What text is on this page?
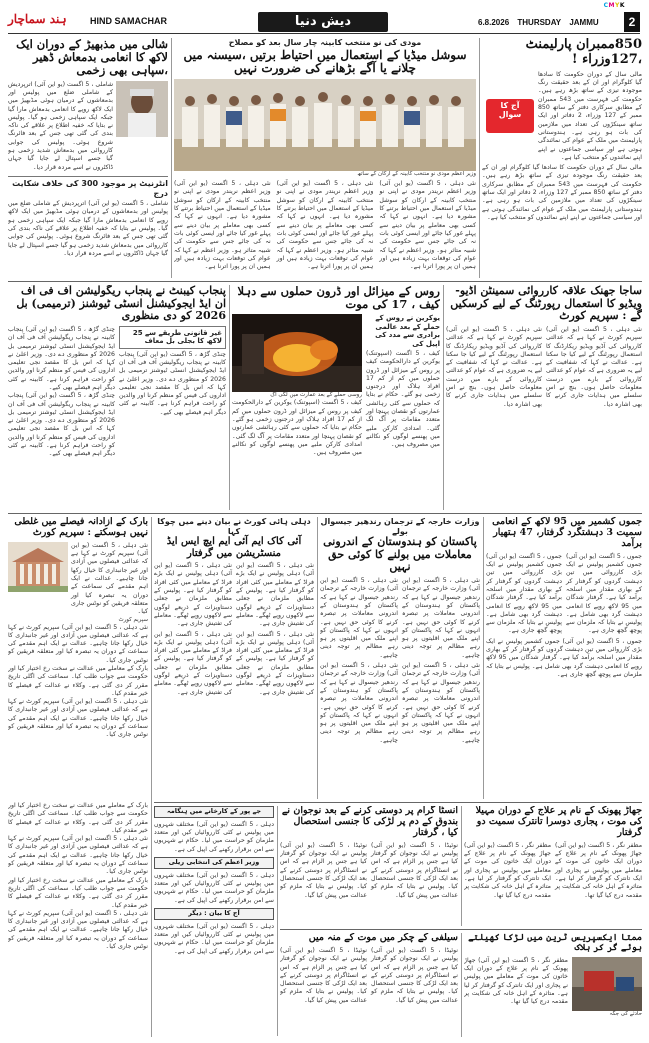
CMYK
ہند سماچار	HIND SAMACHAR	دیش دنیا	6.8.2026 THURSDAY JAMMU	2
شالی میں مذبھیڑ کے دوران ایک لاکھ کا انعامی بدمعاش ڈھیر ،سپاہی بھی زخمی
شاملی ، 5 اگست (یو این آئی) اترپردیش کے شاملی ضلع میں پولیس اور بدمعاشوں کے درمیان ہوئی مڈبھیڑ میں ایک لاکھ روپے کا انعامی بدمعاش مارا گیا جبکہ ایک سپاہی زخمی ہو گیا۔ پولیس نے بتایا کہ خفیہ اطلاع پر علاقے کی ناکہ بندی کی گئی تھی جس کے بعد فائرنگ شروع ہوئی۔ پولیس کی جوابی کارروائی میں بدمعاش شدید زخمی ہو گیا جسے اسپتال لے جایا گیا جہاں ڈاکٹروں نے اسے مردہ قرار دیا۔
انٹرنیٹ پر موجود 300 کی خلاف شکایت درج
شاملی ، 5 اگست (یو این آئی) اترپردیش کے شاملی ضلع میں پولیس اور بدمعاشوں کے درمیان ہوئی مڈبھیڑ میں ایک لاکھ روپے کا انعامی بدمعاش مارا گیا جبکہ ایک سپاہی زخمی ہو گیا۔ پولیس نے بتایا کہ خفیہ اطلاع پر علاقے کی ناکہ بندی کی گئی تھی جس کے بعد فائرنگ شروع ہوئی۔ پولیس کی جوابی کارروائی میں بدمعاش شدید زخمی ہو گیا جسے اسپتال لے جایا گیا جہاں ڈاکٹروں نے اسے مردہ قرار دیا۔
مودی کی نو منتخب کابینہ چار سال بعد کو مصلاح
سوشل میڈیا کے استعمال میں احتیاط برتیں ،سیسنہ میں چلانے یا آگے بڑھانے کی ضرورت نہیں
وزیر اعظم مودی نو منتخب کابینہ کے ارکان کے ساتھ
نئی دہلی ، 5 اگست (یو این آئی) وزیر اعظم نریندر مودی نے اپنی نو منتخب کابینہ کے ارکان کو سوشل میڈیا کے استعمال میں احتیاط برتنے کا مشورہ دیا ہے۔ انہوں نے کہا کہ کسی بھی معاملے پر بیان دینے سے پہلے غور کیا جائے اور ایسی کوئی بات نہ کی جائے جس سے حکومت کی شبیہ متاثر ہو۔ وزیر اعظم نے کہا کہ عوام کی توقعات بہت زیادہ ہیں اور ہمیں ان پر پورا اترنا ہے۔
نئی دہلی ، 5 اگست (یو این آئی) وزیر اعظم نریندر مودی نے اپنی نو منتخب کابینہ کے ارکان کو سوشل میڈیا کے استعمال میں احتیاط برتنے کا مشورہ دیا ہے۔ انہوں نے کہا کہ کسی بھی معاملے پر بیان دینے سے پہلے غور کیا جائے اور ایسی کوئی بات نہ کی جائے جس سے حکومت کی شبیہ متاثر ہو۔ وزیر اعظم نے کہا کہ عوام کی توقعات بہت زیادہ ہیں اور ہمیں ان پر پورا اترنا ہے۔
نئی دہلی ، 5 اگست (یو این آئی) وزیر اعظم نریندر مودی نے اپنی نو منتخب کابینہ کے ارکان کو سوشل میڈیا کے استعمال میں احتیاط برتنے کا مشورہ دیا ہے۔ انہوں نے کہا کہ کسی بھی معاملے پر بیان دینے سے پہلے غور کیا جائے اور ایسی کوئی بات نہ کی جائے جس سے حکومت کی شبیہ متاثر ہو۔ وزیر اعظم نے کہا کہ عوام کی توقعات بہت زیادہ ہیں اور ہمیں ان پر پورا اترنا ہے۔
850ممبران پارلیمنٹ ،127وزراء !
آج کا سوال
مالی سال کے دوران حکومت کا سادھا گیا کلوگرام اور ان کے بعد حقیقت رنگ موجودہ تیزی کے ساتھ بڑھ رہے ہیں۔ حکومت کی فہرست میں 543 ممبران کے مطابق سرکاری دفتر کے ساتھ 850 ممبر کے 127 وزراء، 2 دفاتر اور ایک ساتھ سینکڑوں کی تعداد میں ملازمین کی بات ہو رہی ہے۔ ہندوستانی پارلیمنٹ میں ملک کے عوام کی نمائندگی ہوتی ہے اور سیاسی جماعتوں نے اپنے اپنے نمائندوں کو منتخب کیا ہے۔
مالی سال کے دوران حکومت کا سادھا گیا کلوگرام اور ان کے بعد حقیقت رنگ موجودہ تیزی کے ساتھ بڑھ رہے ہیں۔ حکومت کی فہرست میں 543 ممبران کے مطابق سرکاری دفتر کے ساتھ 850 ممبر کے 127 وزراء، 2 دفاتر اور ایک ساتھ سینکڑوں کی تعداد میں ملازمین کی بات ہو رہی ہے۔ ہندوستانی پارلیمنٹ میں ملک کے عوام کی نمائندگی ہوتی ہے اور سیاسی جماعتوں نے اپنے اپنے نمائندوں کو منتخب کیا ہے۔
پنجاب کیبنٹ نے پنجاب ریگولیشن آف فی آف ان ایڈ ایجوکیشنل انسٹی ٹیوشنز (ترمیمی) بل 2026 کو دی منظوری
چنڈی گڑھ ، 5 اگست (یو این آئی) پنجاب کابینہ نے پنجاب ریگولیشن آف فی آف ان ایڈ ایجوکیشنل انسٹی ٹیوشنز ترمیمی بل 2026 کو منظوری دے دی۔ وزیر اعلیٰ نے کہا کہ اس بل کا مقصد نجی تعلیمی اداروں کی فیس کو منظم کرنا اور والدین کو راحت فراہم کرنا ہے۔ کابینہ نے کئی دیگر اہم فیصلے بھی کیے۔
چنڈی گڑھ ، 5 اگست (یو این آئی) پنجاب کابینہ نے پنجاب ریگولیشن آف فی آف ان ایڈ ایجوکیشنل انسٹی ٹیوشنز ترمیمی بل 2026 کو منظوری دے دی۔ وزیر اعلیٰ نے کہا کہ اس بل کا مقصد نجی تعلیمی اداروں کی فیس کو منظم کرنا اور والدین کو راحت فراہم کرنا ہے۔ کابینہ نے کئی دیگر اہم فیصلے بھی کیے۔
غیر قانونی طریقے سے 25 لاکھ کا بجلی بل معاف
چنڈی گڑھ ، 5 اگست (یو این آئی) پنجاب کابینہ نے پنجاب ریگولیشن آف فی آف ان ایڈ ایجوکیشنل انسٹی ٹیوشنز ترمیمی بل 2026 کو منظوری دے دی۔ وزیر اعلیٰ نے کہا کہ اس بل کا مقصد نجی تعلیمی اداروں کی فیس کو منظم کرنا اور والدین کو راحت فراہم کرنا ہے۔ کابینہ نے کئی دیگر اہم فیصلے بھی کیے۔
روس کے میزائل اور ڈرون حملوں سے دہلا کیف ، 17 کی موت
روسی حملے کے بعد عمارت میں لگی آگ
کیف ، 5 اگست (اسپوتنک) یوکرین کے دارالحکومت کیف پر روس کے میزائل اور ڈرون حملوں میں کم از کم 17 افراد ہلاک اور درجنوں زخمی ہو گئے۔ حکام نے بتایا کہ حملوں سے کئی رہائشی عمارتوں کو نقصان پہنچا اور متعدد مقامات پر آگ لگ گئی۔ امدادی کارکن ملبے میں پھنسے لوگوں کو نکالنے میں مصروف ہیں۔
یوکرین نے روس کے حملے کے بعد عالمی برادری سے مدد کی اپیل کی
کیف ، 5 اگست (اسپوتنک) یوکرین کے دارالحکومت کیف پر روس کے میزائل اور ڈرون حملوں میں کم از کم 17 افراد ہلاک اور درجنوں زخمی ہو گئے۔ حکام نے بتایا کہ حملوں سے کئی رہائشی عمارتوں کو نقصان پہنچا اور متعدد مقامات پر آگ لگ گئی۔ امدادی کارکن ملبے میں پھنسے لوگوں کو نکالنے میں مصروف ہیں۔
ساجا جھنک علاقہ کارروائی سمینٹن آڈیو- ویڈیو کا استعمال رپورٹنگ کے لیے کرسکیں گے : سپریم کورٹ
نئی دہلی ، 5 اگست (یو این آئی) سپریم کورٹ نے کہا ہے کہ عدالتی کارروائی کی آڈیو ویڈیو ریکارڈنگ کا استعمال رپورٹنگ کے لیے کیا جا سکتا ہے۔ عدالت نے کہا کہ شفافیت کے لیے یہ ضروری ہے کہ عوام کو عدالتی کارروائی کے بارے میں درست معلومات حاصل ہوں۔ بنچ نے اس سلسلے میں ہدایات جاری کرنے کا بھی اشارہ دیا۔
نئی دہلی ، 5 اگست (یو این آئی) سپریم کورٹ نے کہا ہے کہ عدالتی کارروائی کی آڈیو ویڈیو ریکارڈنگ کا استعمال رپورٹنگ کے لیے کیا جا سکتا ہے۔ عدالت نے کہا کہ شفافیت کے لیے یہ ضروری ہے کہ عوام کو عدالتی کارروائی کے بارے میں درست معلومات حاصل ہوں۔ بنچ نے اس سلسلے میں ہدایات جاری کرنے کا بھی اشارہ دیا۔
بارک کے آزادانہ فیصلے میں غلطی نہیں ہوسکتے : سپریم کورٹ
نئی دہلی ، 5 اگست (یو این آئی) سپریم کورٹ نے کہا ہے کہ عدالتی فیصلوں میں آزادی اور غیر جانبداری کا خیال رکھا جانا چاہیے۔ عدالت نے ایک اہم مقدمے کی سماعت کے دوران یہ تبصرہ کیا اور متعلقہ فریقین کو نوٹس جاری کیا۔
سپریم کورٹ
نئی دہلی ، 5 اگست (یو این آئی) سپریم کورٹ نے کہا ہے کہ عدالتی فیصلوں میں آزادی اور غیر جانبداری کا خیال رکھا جانا چاہیے۔ عدالت نے ایک اہم مقدمے کی سماعت کے دوران یہ تبصرہ کیا اور متعلقہ فریقین کو نوٹس جاری کیا۔
بارک کے معاملے میں عدالت نے سخت رخ اختیار کیا اور حکومت سے جواب طلب کیا۔ سماعت کی اگلی تاریخ مقرر کر دی گئی ہے۔ وکلاء نے عدالت کے فیصلے کا خیر مقدم کیا۔
نئی دہلی ، 5 اگست (یو این آئی) سپریم کورٹ نے کہا ہے کہ عدالتی فیصلوں میں آزادی اور غیر جانبداری کا خیال رکھا جانا چاہیے۔ عدالت نے ایک اہم مقدمے کی سماعت کے دوران یہ تبصرہ کیا اور متعلقہ فریقین کو نوٹس جاری کیا۔
دہلی ہائی کورٹ نے بیان دینے میں چوکا کہا
آئی کاک ایم آئی ایم ایچ ایس ایڈ منسٹریشن میں گرفتار
نئی دہلی ، 5 اگست (یو این آئی) دہلی پولیس نے ایک بڑے فراڈ کے معاملے میں کئی افراد کو گرفتار کیا ہے۔ پولیس کے مطابق ملزمان نے جعلی دستاویزات کے ذریعے لوگوں سے لاکھوں روپے ٹھگے۔ معاملے کی تفتیش جاری ہے۔
نئی دہلی ، 5 اگست (یو این آئی) دہلی پولیس نے ایک بڑے فراڈ کے معاملے میں کئی افراد کو گرفتار کیا ہے۔ پولیس کے مطابق ملزمان نے جعلی دستاویزات کے ذریعے لوگوں سے لاکھوں روپے ٹھگے۔ معاملے کی تفتیش جاری ہے۔
نئی دہلی ، 5 اگست (یو این آئی) دہلی پولیس نے ایک بڑے فراڈ کے معاملے میں کئی افراد کو گرفتار کیا ہے۔ پولیس کے مطابق ملزمان نے جعلی دستاویزات کے ذریعے لوگوں سے لاکھوں روپے ٹھگے۔ معاملے کی تفتیش جاری ہے۔
نئی دہلی ، 5 اگست (یو این آئی) دہلی پولیس نے ایک بڑے فراڈ کے معاملے میں کئی افراد کو گرفتار کیا ہے۔ پولیس کے مطابق ملزمان نے جعلی دستاویزات کے ذریعے لوگوں سے لاکھوں روپے ٹھگے۔ معاملے کی تفتیش جاری ہے۔
وزارت خارجہ کے ترجمان رندھیر جیسوال بولے
پاکستان کو ہندوستان کے اندرونی معاملات میں بولنے کا کوئی حق نہیں
نئی دہلی ، 5 اگست (یو این آئی) وزارت خارجہ کے ترجمان رندھیر جیسوال نے کہا ہے کہ پاکستان کو ہندوستان کے اندرونی معاملات پر تبصرہ کرنے کا کوئی حق نہیں ہے۔ انہوں نے کہا کہ پاکستان کو اپنے ملک میں اقلیتوں پر ہو رہے مظالم پر توجہ دینی چاہیے۔
نئی دہلی ، 5 اگست (یو این آئی) وزارت خارجہ کے ترجمان رندھیر جیسوال نے کہا ہے کہ پاکستان کو ہندوستان کے اندرونی معاملات پر تبصرہ کرنے کا کوئی حق نہیں ہے۔ انہوں نے کہا کہ پاکستان کو اپنے ملک میں اقلیتوں پر ہو رہے مظالم پر توجہ دینی چاہیے۔
نئی دہلی ، 5 اگست (یو این آئی) وزارت خارجہ کے ترجمان رندھیر جیسوال نے کہا ہے کہ پاکستان کو ہندوستان کے اندرونی معاملات پر تبصرہ کرنے کا کوئی حق نہیں ہے۔ انہوں نے کہا کہ پاکستان کو اپنے ملک میں اقلیتوں پر ہو رہے مظالم پر توجہ دینی چاہیے۔
نئی دہلی ، 5 اگست (یو این آئی) وزارت خارجہ کے ترجمان رندھیر جیسوال نے کہا ہے کہ پاکستان کو ہندوستان کے اندرونی معاملات پر تبصرہ کرنے کا کوئی حق نہیں ہے۔ انہوں نے کہا کہ پاکستان کو اپنے ملک میں اقلیتوں پر ہو رہے مظالم پر توجہ دینی چاہیے۔
جموں کشمیر میں 95 لاکھ کے انعامی سمیت 3 دہشتگرد گرفتار، 47 ہتھیار برآمد
جموں ، 5 اگست (یو این آئی) جموں کشمیر پولیس نے ایک بڑی کارروائی میں تین دہشت گردوں کو گرفتار کر کے بھاری مقدار میں اسلحہ برآمد کیا ہے۔ گرفتار شدگان میں 95 لاکھ روپے کا انعامی دہشت گرد بھی شامل ہے۔ پولیس نے بتایا کہ ملزمان سے پوچھ گچھ جاری ہے۔
جموں ، 5 اگست (یو این آئی) جموں کشمیر پولیس نے ایک بڑی کارروائی میں تین دہشت گردوں کو گرفتار کر کے بھاری مقدار میں اسلحہ برآمد کیا ہے۔ گرفتار شدگان میں 95 لاکھ روپے کا انعامی دہشت گرد بھی شامل ہے۔ پولیس نے بتایا کہ ملزمان سے پوچھ گچھ جاری ہے۔
جموں ، 5 اگست (یو این آئی) جموں کشمیر پولیس نے ایک بڑی کارروائی میں تین دہشت گردوں کو گرفتار کر کے بھاری مقدار میں اسلحہ برآمد کیا ہے۔ گرفتار شدگان میں 95 لاکھ روپے کا انعامی دہشت گرد بھی شامل ہے۔ پولیس نے بتایا کہ ملزمان سے پوچھ گچھ جاری ہے۔
جے پور کے کارخانے میں ہنگامہ
دہلی ، 5 اگست (یو این آئی) مختلف شہروں میں پولیس نے کئی کارروائیاں کیں اور متعدد ملزمان کو حراست میں لیا۔ حکام نے شہریوں سے امن برقرار رکھنے کی اپیل کی ہے۔
وزیر اعظم کی انتخابی ریلی
دہلی ، 5 اگست (یو این آئی) مختلف شہروں میں پولیس نے کئی کارروائیاں کیں اور متعدد ملزمان کو حراست میں لیا۔ حکام نے شہریوں سے امن برقرار رکھنے کی اپیل کی ہے۔
آج کا بیان : دیگر
دہلی ، 5 اگست (یو این آئی) مختلف شہروں میں پولیس نے کئی کارروائیاں کیں اور متعدد ملزمان کو حراست میں لیا۔ حکام نے شہریوں سے امن برقرار رکھنے کی اپیل کی ہے۔
انسٹا گرام پر دوستی کرنے کے بعد نوجوان نے بندوق کے دم پر لڑکی کا جنسی استحصال کیا ، گرفتار
نوئیڈا ، 5 اگست (یو این آئی) پولیس نے ایک نوجوان کو گرفتار کیا ہے جس پر الزام ہے کہ اس نے انسٹاگرام پر دوستی کرنے کے بعد ایک لڑکی کا جنسی استحصال کیا۔ پولیس نے بتایا کہ ملزم کو عدالت میں پیش کیا گیا۔
نوئیڈا ، 5 اگست (یو این آئی) پولیس نے ایک نوجوان کو گرفتار کیا ہے جس پر الزام ہے کہ اس نے انسٹاگرام پر دوستی کرنے کے بعد ایک لڑکی کا جنسی استحصال کیا۔ پولیس نے بتایا کہ ملزم کو عدالت میں پیش کیا گیا۔
جھاڑ پھونک کے نام پر علاج کے دوران مہیلا کی موت ، پجاری دوسرا تانترک سمیت دو گرفتار
مظفر نگر ، 5 اگست (یو این آئی) جھاڑ پھونک کے نام پر علاج کے دوران ایک خاتون کی موت کے معاملے میں پولیس نے پجاری اور ایک تانترک کو گرفتار کر لیا ہے۔ متاثرہ کے اہل خانہ کی شکایت پر مقدمہ درج کیا گیا تھا۔
مظفر نگر ، 5 اگست (یو این آئی) جھاڑ پھونک کے نام پر علاج کے دوران ایک خاتون کی موت کے معاملے میں پولیس نے پجاری اور ایک تانترک کو گرفتار کر لیا ہے۔ متاثرہ کے اہل خانہ کی شکایت پر مقدمہ درج کیا گیا تھا۔
ممتا ایکسپریس ٹرین میں لڑکا کھیلتے ہوئے گر کر ہلاک
مظفر نگر ، 5 اگست (یو این آئی) جھاڑ پھونک کے نام پر علاج کے دوران ایک خاتون کی موت کے معاملے میں پولیس نے پجاری اور ایک تانترک کو گرفتار کر لیا ہے۔ متاثرہ کے اہل خانہ کی شکایت پر مقدمہ درج کیا گیا تھا۔
حادثے کی جگہ
سیلفی کے چکر میں موت کے منہ میں
نوئیڈا ، 5 اگست (یو این آئی) پولیس نے ایک نوجوان کو گرفتار کیا ہے جس پر الزام ہے کہ اس نے انسٹاگرام پر دوستی کرنے کے بعد ایک لڑکی کا جنسی استحصال کیا۔ پولیس نے بتایا کہ ملزم کو عدالت میں پیش کیا گیا۔
نوئیڈا ، 5 اگست (یو این آئی) پولیس نے ایک نوجوان کو گرفتار کیا ہے جس پر الزام ہے کہ اس نے انسٹاگرام پر دوستی کرنے کے بعد ایک لڑکی کا جنسی استحصال کیا۔ پولیس نے بتایا کہ ملزم کو عدالت میں پیش کیا گیا۔
بارک کے معاملے میں عدالت نے سخت رخ اختیار کیا اور حکومت سے جواب طلب کیا۔ سماعت کی اگلی تاریخ مقرر کر دی گئی ہے۔ وکلاء نے عدالت کے فیصلے کا خیر مقدم کیا۔
نئی دہلی ، 5 اگست (یو این آئی) سپریم کورٹ نے کہا ہے کہ عدالتی فیصلوں میں آزادی اور غیر جانبداری کا خیال رکھا جانا چاہیے۔ عدالت نے ایک اہم مقدمے کی سماعت کے دوران یہ تبصرہ کیا اور متعلقہ فریقین کو نوٹس جاری کیا۔
بارک کے معاملے میں عدالت نے سخت رخ اختیار کیا اور حکومت سے جواب طلب کیا۔ سماعت کی اگلی تاریخ مقرر کر دی گئی ہے۔ وکلاء نے عدالت کے فیصلے کا خیر مقدم کیا۔
نئی دہلی ، 5 اگست (یو این آئی) سپریم کورٹ نے کہا ہے کہ عدالتی فیصلوں میں آزادی اور غیر جانبداری کا خیال رکھا جانا چاہیے۔ عدالت نے ایک اہم مقدمے کی سماعت کے دوران یہ تبصرہ کیا اور متعلقہ فریقین کو نوٹس جاری کیا۔
